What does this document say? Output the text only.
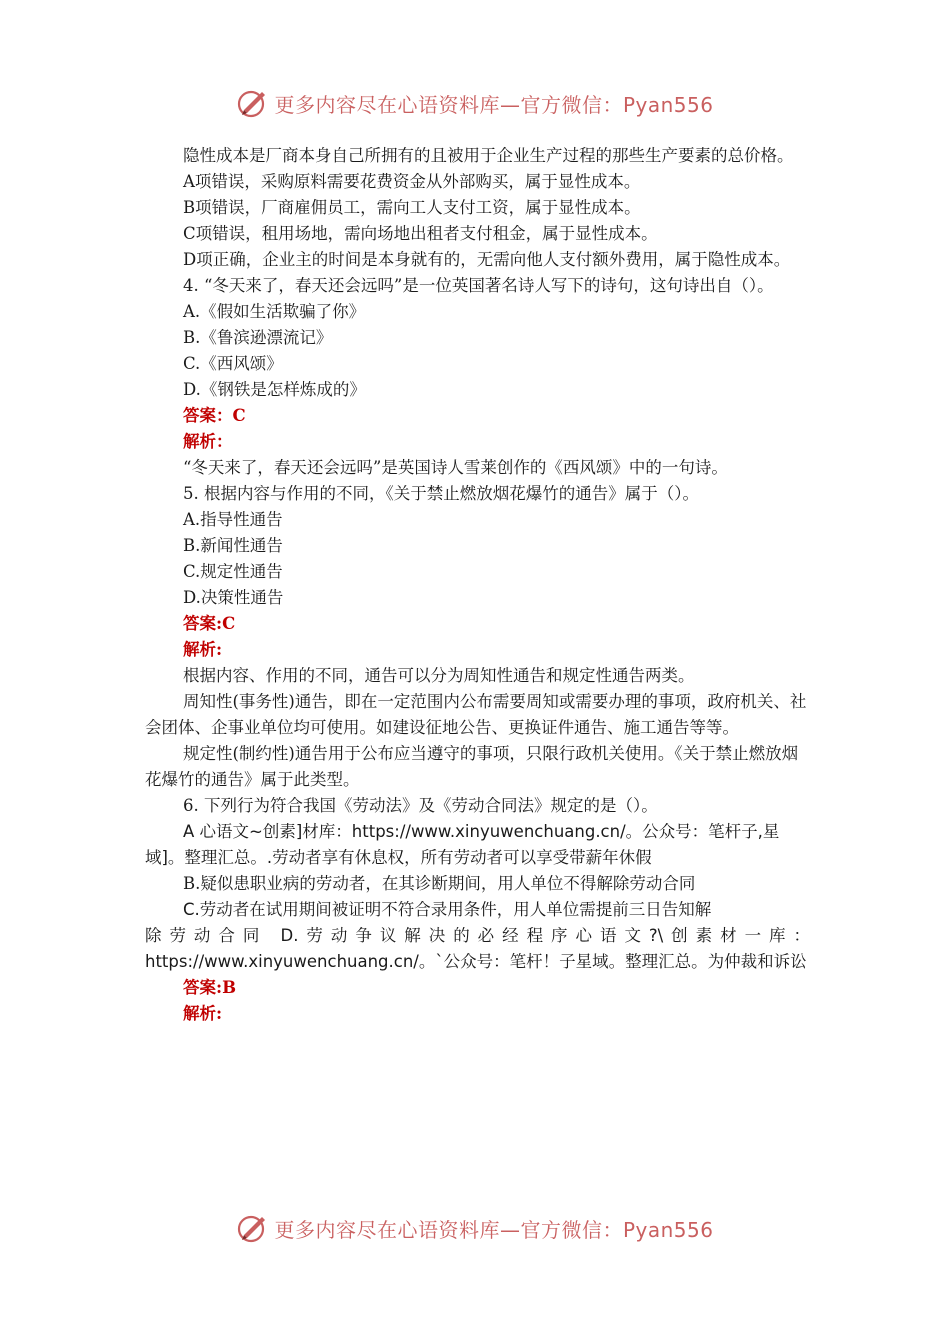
更多内容尽在心语资料库—官方微信：Pyan556

隐性成本是厂商本身自己所拥有的且被用于企业生产过程的那些生产要素的总价格。

A项错误，采购原料需要花费资金从外部购买，属于显性成本。

B项错误，厂商雇佣员工，需向工人支付工资，属于显性成本。

C项错误，租用场地，需向场地出租者支付租金，属于显性成本。

D项正确，企业主的时间是本身就有的，无需向他人支付额外费用，属于隐性成本。

4. “冬天来了，春天还会远吗”是一位英国著名诗人写下的诗句，这句诗出自（）。

A.《假如生活欺骗了你》

B.《鲁滨逊漂流记》

C.《西风颂》

D.《钢铁是怎样炼成的》

答案：C

解析：

“冬天来了，春天还会远吗”是英国诗人雪莱创作的《西风颂》中的一句诗。

5. 根据内容与作用的不同，《关于禁止燃放烟花爆竹的通告》属于（）。

A.指导性通告

B.新闻性通告

C.规定性通告

D.决策性通告

答案:C

解析:

根据内容、作用的不同，通告可以分为周知性通告和规定性通告两类。

周知性(事务性)通告，即在一定范围内公布需要周知或需要办理的事项，政府机关、社会团体、企事业单位均可使用。如建设征地公告、更换证件通告、施工通告等等。

规定性(制约性)通告用于公布应当遵守的事项，只限行政机关使用。《关于禁止燃放烟花爆竹的通告》属于此类型。

6. 下列行为符合我国《劳动法》及《劳动合同法》规定的是（）。

A 心语文~创素]材库：https://www.xinyuwenchuang.cn/。公众号：笔杆子,星域]。整理汇总。.劳动者享有休息权，所有劳动者可以享受带薪年休假

B.疑似患职业病的劳动者，在其诊断期间，用人单位不得解除劳动合同

C.劳动者在试用期间被证明不符合录用条件，用人单位需提前三日告知解

除劳动合同 D.劳动争议解决的必经程序心语文?\创素材一库：

https://www.xinyuwenchuang.cn/。`公众号：笔杆！子星域。整理汇总。为仲裁和诉讼

答案:B

解析:

更多内容尽在心语资料库—官方微信：Pyan556
